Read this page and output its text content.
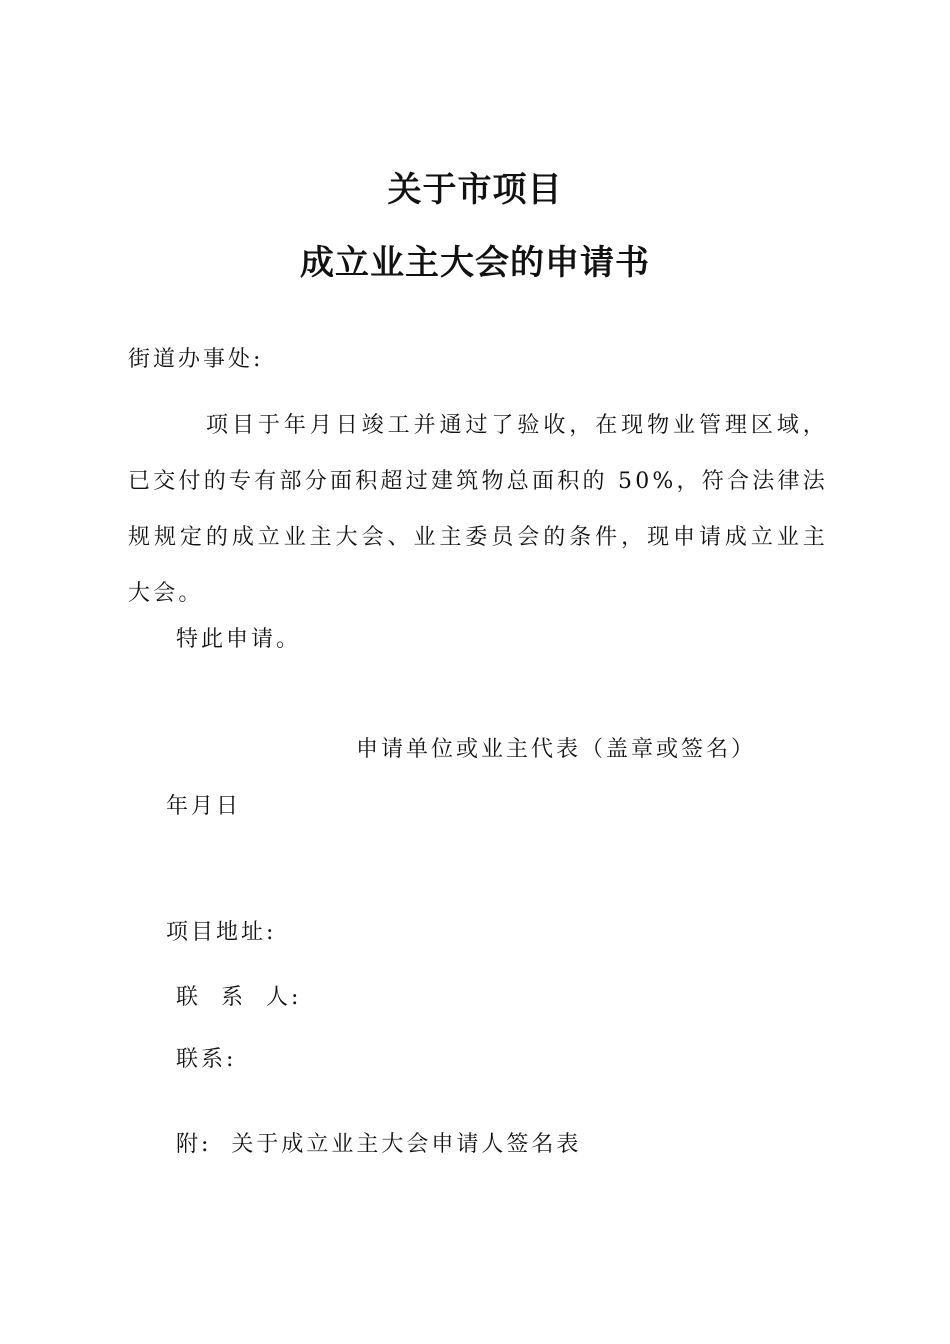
关于市项目
成立业主大会的申请书
街道办事处:
项目于年月日竣工并通过了验收，在现物业管理区域，已交付的专有部分面积超过建筑物总面积的 50%，符合法律法规规定的成立业主大会、业主委员会的条件，现申请成立业主大会。
特此申请。
申请单位或业主代表（盖章或签名）
年月日
项目地址:
联  系  人:
联系:
附:  关于成立业主大会申请人签名表
